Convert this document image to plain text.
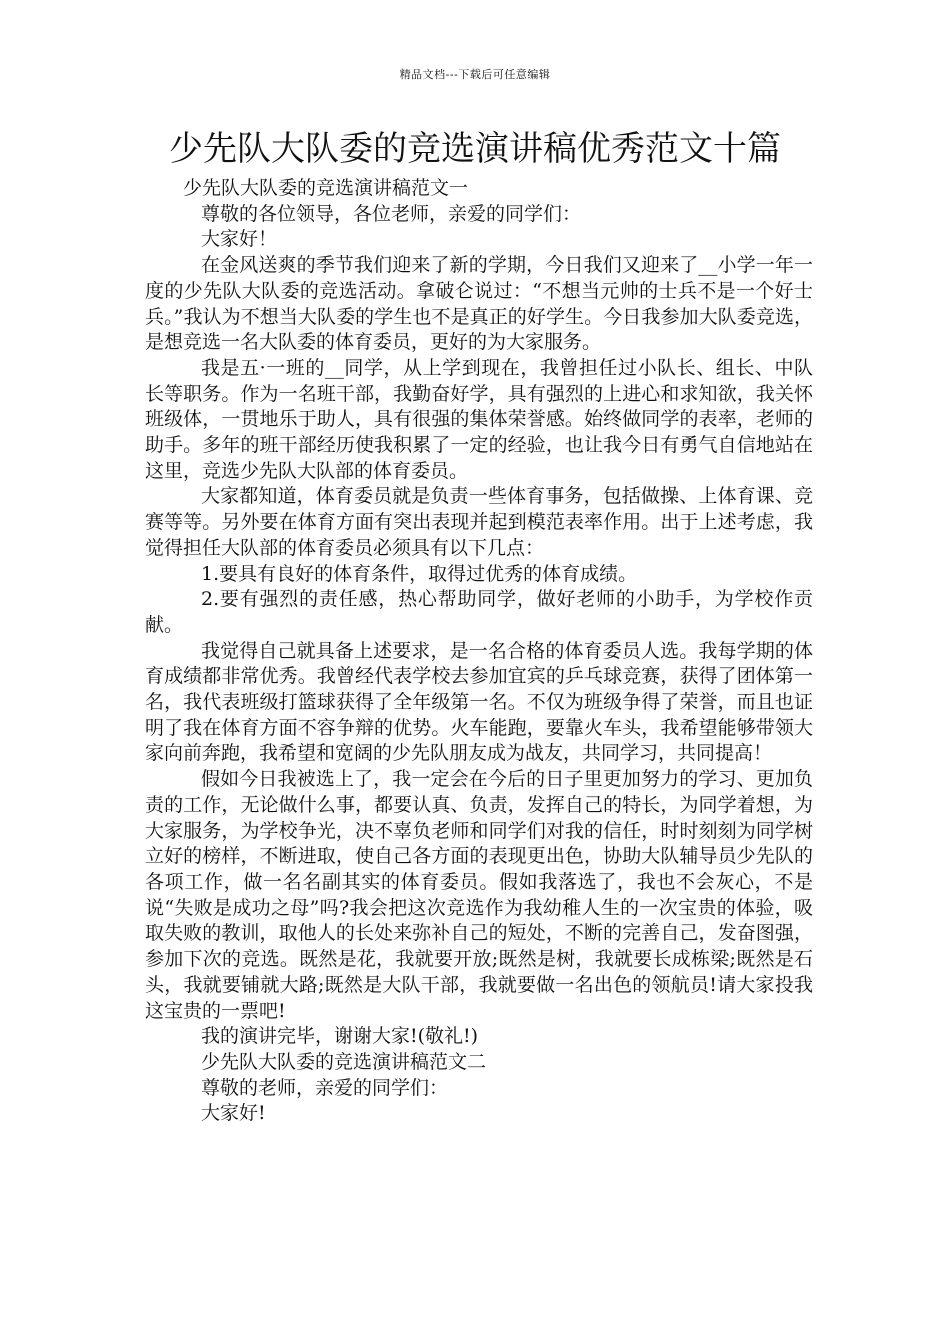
精品文档---下载后可任意编辑
少先队大队委的竞选演讲稿优秀范文十篇

少先队大队委的竞选演讲稿范文一

尊敬的各位领导，各位老师，亲爱的同学们：

大家好！

在金风送爽的季节我们迎来了新的学期，今日我们又迎来了__小学一年一度的少先队大队委的竞选活动。拿破仑说过：“不想当元帅的士兵不是一个好士兵。”我认为不想当大队委的学生也不是真正的好学生。今日我参加大队委竞选，是想竞选一名大队委的体育委员，更好的为大家服务。

我是五·一班的__同学，从上学到现在，我曾担任过小队长、组长、中队长等职务。作为一名班干部，我勤奋好学，具有强烈的上进心和求知欲，我关怀班级体，一贯地乐于助人，具有很强的集体荣誉感。始终做同学的表率，老师的助手。多年的班干部经历使我积累了一定的经验，也让我今日有勇气自信地站在这里，竞选少先队大队部的体育委员。

大家都知道，体育委员就是负责一些体育事务，包括做操、上体育课、竞赛等等。另外要在体育方面有突出表现并起到模范表率作用。出于上述考虑，我觉得担任大队部的体育委员必须具有以下几点：

1.要具有良好的体育条件，取得过优秀的体育成绩。

2.要有强烈的责任感，热心帮助同学，做好老师的小助手，为学校作贡献。

我觉得自己就具备上述要求，是一名合格的体育委员人选。我每学期的体育成绩都非常优秀。我曾经代表学校去参加宜宾的乒乓球竞赛，获得了团体第一名，我代表班级打篮球获得了全年级第一名。不仅为班级争得了荣誉，而且也证明了我在体育方面不容争辩的优势。火车能跑，要靠火车头，我希望能够带领大家向前奔跑，我希望和宽阔的少先队朋友成为战友，共同学习，共同提高！

假如今日我被选上了，我一定会在今后的日子里更加努力的学习、更加负责的工作，无论做什么事，都要认真、负责，发挥自己的特长，为同学着想，为大家服务，为学校争光，决不辜负老师和同学们对我的信任，时时刻刻为同学树立好的榜样，不断进取，使自己各方面的表现更出色，协助大队辅导员少先队的各项工作，做一名名副其实的体育委员。假如我落选了，我也不会灰心，不是说“失败是成功之母”吗?我会把这次竞选作为我幼稚人生的一次宝贵的体验，吸取失败的教训，取他人的长处来弥补自己的短处，不断的完善自己，发奋图强，参加下次的竞选。既然是花，我就要开放;既然是树，我就要长成栋梁;既然是石头，我就要铺就大路;既然是大队干部，我就要做一名出色的领航员!请大家投我这宝贵的一票吧!

我的演讲完毕，谢谢大家!(敬礼!)

少先队大队委的竞选演讲稿范文二

尊敬的老师，亲爱的同学们：

大家好!
